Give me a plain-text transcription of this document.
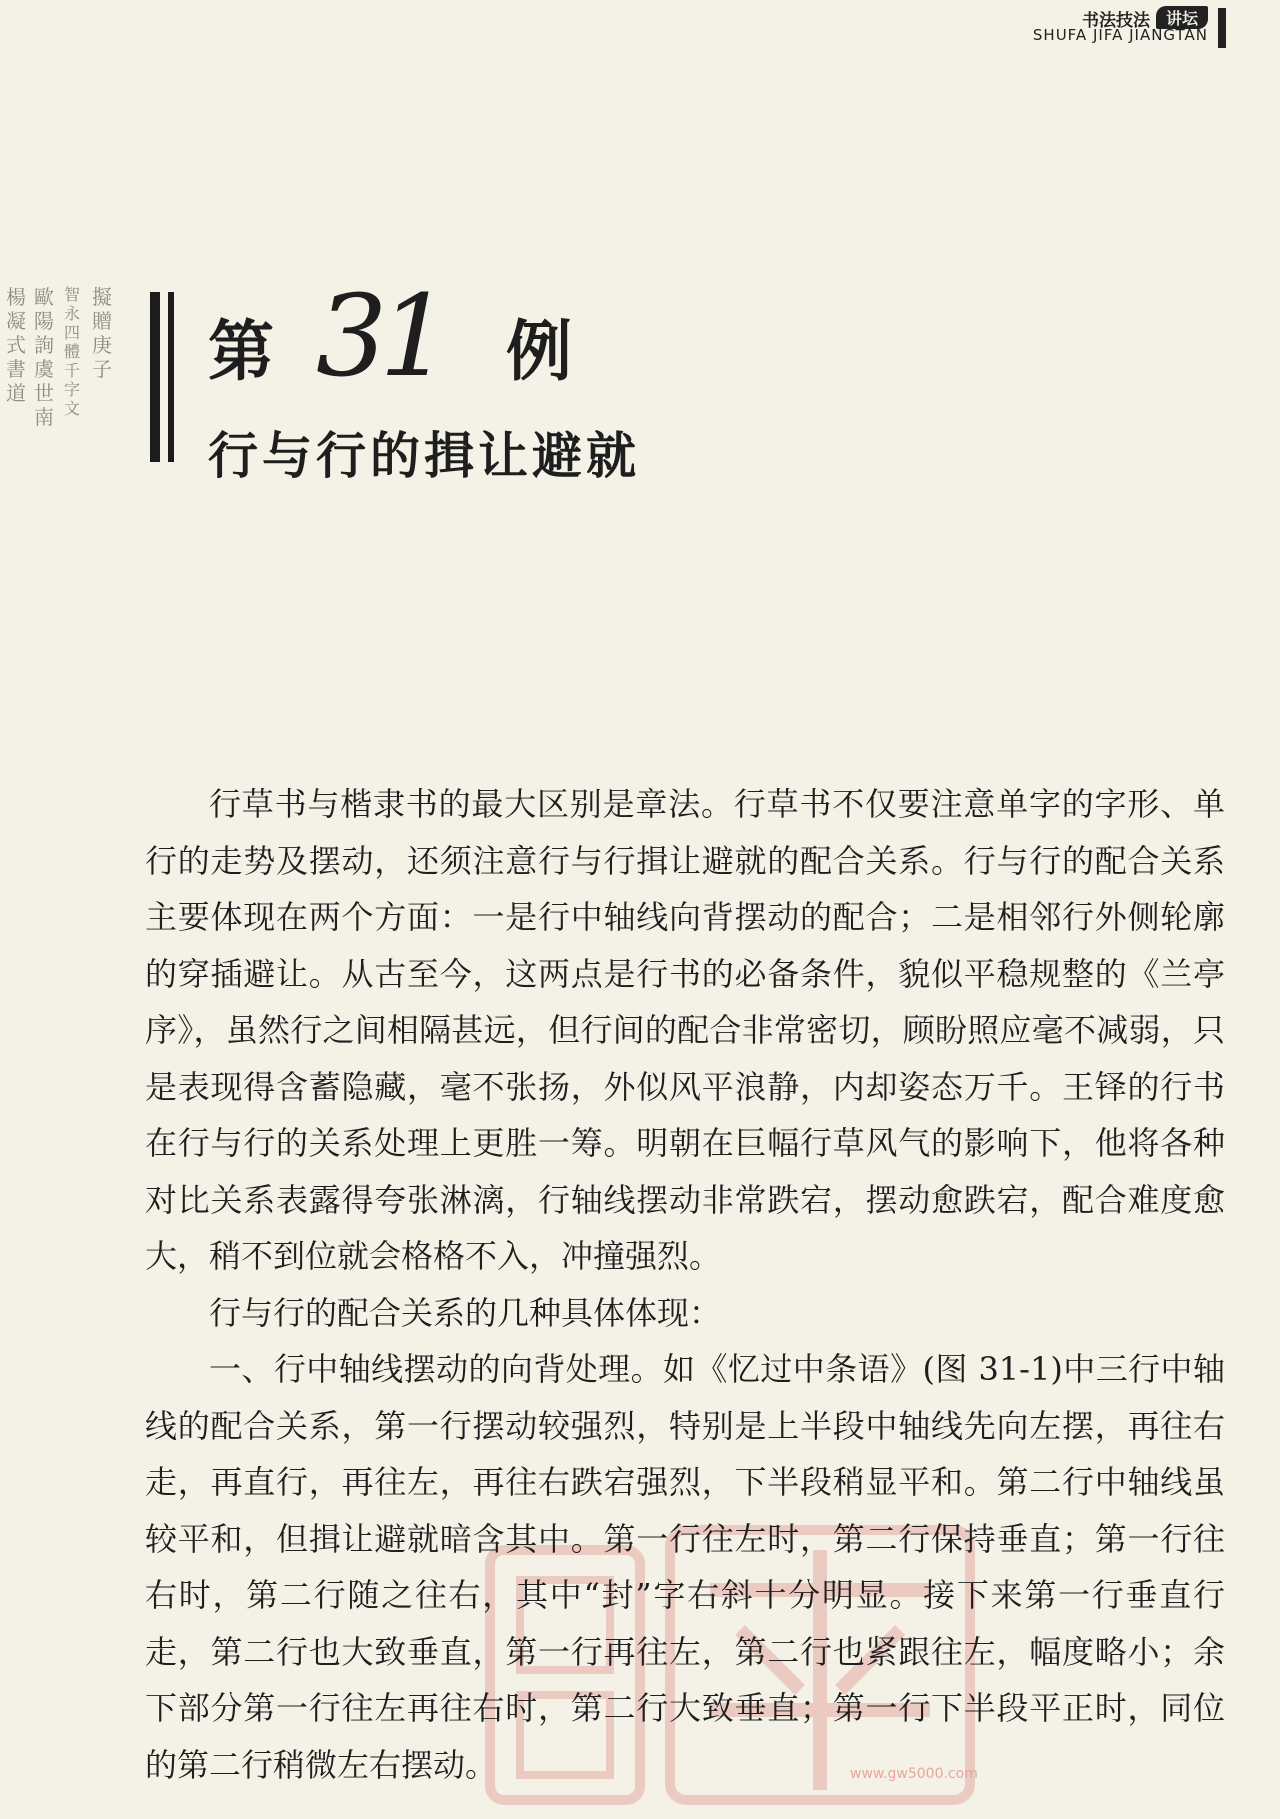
书法技法 讲坛
SHUFA JIFA JIANGTAN
擬贈庚子
智永四體千字文
歐陽詢虞世南
楊凝式書道
第 31 例
行与行的揖让避就

行草书与楷隶书的最大区别是章法。行草书不仅要注意单字的字形、单行的走势及摆动，还须注意行与行揖让避就的配合关系。行与行的配合关系主要体现在两个方面：一是行中轴线向背摆动的配合；二是相邻行外侧轮廓的穿插避让。从古至今，这两点是行书的必备条件，貌似平稳规整的《兰亭序》，虽然行之间相隔甚远，但行间的配合非常密切，顾盼照应毫不减弱，只是表现得含蓄隐藏，毫不张扬，外似风平浪静，内却姿态万千。王铎的行书在行与行的关系处理上更胜一筹。明朝在巨幅行草风气的影响下，他将各种对比关系表露得夸张淋漓，行轴线摆动非常跌宕，摆动愈跌宕，配合难度愈大，稍不到位就会格格不入，冲撞强烈。

行与行的配合关系的几种具体体现：

一、行中轴线摆动的向背处理。如《忆过中条语》(图 31-1)中三行中轴线的配合关系，第一行摆动较强烈，特别是上半段中轴线先向左摆，再往右走，再直行，再往左，再往右跌宕强烈，下半段稍显平和。第二行中轴线虽较平和，但揖让避就暗含其中。第一行往左时，第二行保持垂直；第一行往右时，第二行随之往右，其中“封”字右斜十分明显。接下来第一行垂直行走，第二行也大致垂直，第一行再往左，第二行也紧跟往左，幅度略小；余下部分第一行往左再往右时，第二行大致垂直；第一行下半段平正时，同位的第二行稍微左右摆动。	www.gw5000.com
